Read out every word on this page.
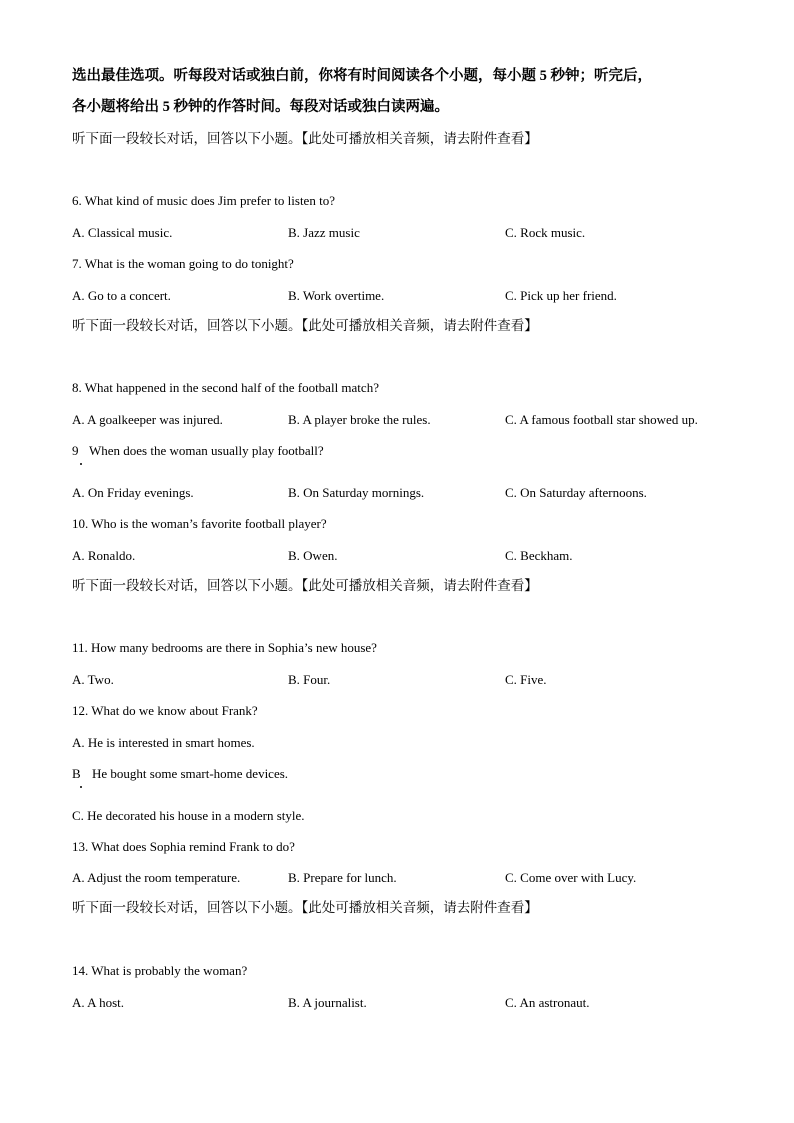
选出最佳选项。听每段对话或独白前，你将有时间阅读各个小题，每小题 5 秒钟；听完后，
各小题将给出 5 秒钟的作答时间。每段对话或独白读两遍。
听下面一段较长对话，回答以下小题。【此处可播放相关音频，请去附件查看】
6. What kind of music does Jim prefer to listen to?
A. Classical music.	B. Jazz music	C. Rock music.
7. What is the woman going to do tonight?
A. Go to a concert.	B. Work overtime.	C. Pick up her friend.
听下面一段较长对话，回答以下小题。【此处可播放相关音频，请去附件查看】
8. What happened in the second half of the football match?
A. A goalkeeper was injured.	B. A player broke the rules.	C. A famous football star showed up.
9 When does the woman usually play football?
A. On Friday evenings.	B. On Saturday mornings.	C. On Saturday afternoons.
10. Who is the woman’s favorite football player?
A. Ronaldo.	B. Owen.	C. Beckham.
听下面一段较长对话，回答以下小题。【此处可播放相关音频，请去附件查看】
11. How many bedrooms are there in Sophia’s new house?
A. Two.	B. Four.	C. Five.
12. What do we know about Frank?
A. He is interested in smart homes.
B He bought some smart-home devices.
C. He decorated his house in a modern style.
13. What does Sophia remind Frank to do?
A. Adjust the room temperature.	B. Prepare for lunch.	C. Come over with Lucy.
听下面一段较长对话，回答以下小题。【此处可播放相关音频，请去附件查看】
14. What is probably the woman?
A. A host.	B. A journalist.	C. An astronaut.
